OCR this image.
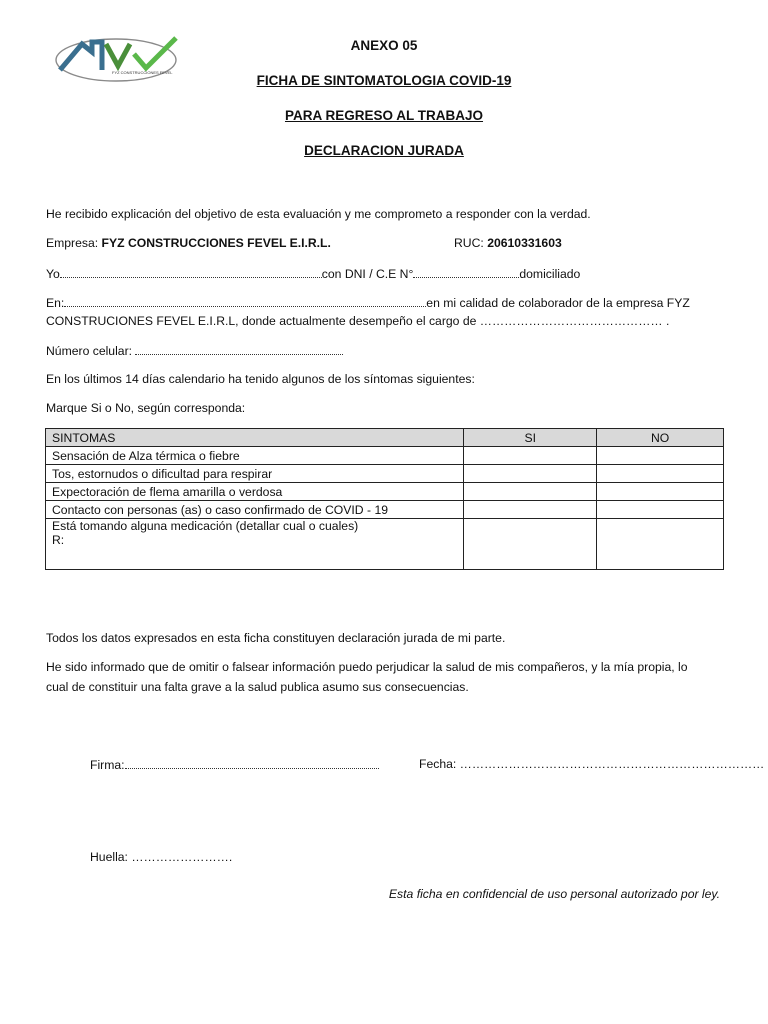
FYZ CONSTRUCCIONES FEVEL
ANEXO 05
FICHA DE SINTOMATOLOGIA COVID-19
PARA REGRESO AL TRABAJO
DECLARACION JURADA
He recibido explicación del objetivo de esta evaluación y me comprometo a responder con la verdad.
Empresa: FYZ CONSTRUCCIONES FEVEL E.I.R.L.	RUC: 20610331603
Yo	con DNI / C.E N°	domiciliado
En:	en mi calidad de colaborador de la empresa FYZ
CONSTRUCIONES FEVEL E.I.R.L, donde actualmente desempeño el cargo de ……………………………………… .
Número celular:
En los últimos 14 días calendario ha tenido algunos de los síntomas siguientes:
Marque Si o No, según corresponda:
SINTOMAS	SI	NO
Sensación de Alza térmica o fiebre		
Tos, estornudos o dificultad para respirar		
Expectoración de flema amarilla o verdosa		
Contacto con personas (as) o caso confirmado de COVID - 19		

Está tomando alguna medicación (detallar cual o cuales)
R:		

Todos los datos expresados en esta ficha constituyen declaración jurada de mi parte.
He sido informado que de omitir o falsear información puedo perjudicar la salud de mis compañeros, y la mía propia, lo
cual de constituir una falta grave a la salud publica asumo sus consecuencias.
Firma:	Fecha: …………………………………………………………………
Huella: …………………….
Esta ficha en confidencial de uso personal autorizado por ley.
